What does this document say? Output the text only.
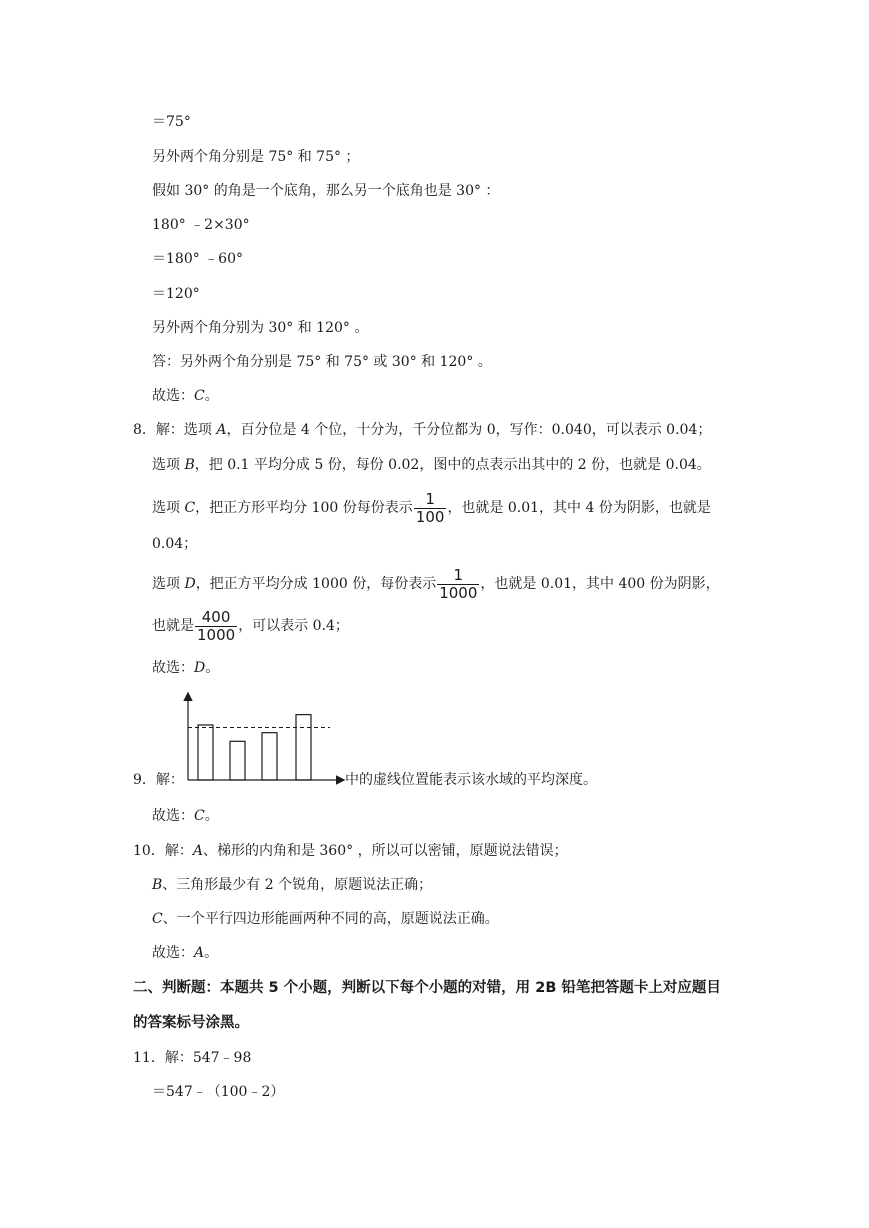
＝75°
另外两个角分别是 75° 和 75° ；
假如 30° 的角是一个底角，那么另一个底角也是 30° ：
180° ﹣2×30°
＝180° ﹣60°
＝120°
另外两个角分别为 30° 和 120° 。
答：另外两个角分别是 75° 和 75° 或 30° 和 120° 。
故选：C。
8．解：选项 A，百分位是 4 个位，十分为，千分位都为 0，写作：0.040，可以表示 0.04；
选项 B，把 0.1 平均分成 5 份，每份 0.02，图中的点表示出其中的 2 份，也就是 0.04。
选项 C，把正方形平均分 100 份每份表示 $\frac{1}{100}$ ，也就是 0.01，其中 4 份为阴影，也就是
0.04；
选项 D，把正方平均分成 1000 份，每份表示 $\frac{1}{1000}$ ，也就是 0.01，其中 400 份为阴影，
也就是 $\frac{400}{1000}$ ，可以表示 0.4；
故选：D。
9．解：	中的虚线位置能表示该水域的平均深度。
故选：C。
10．解：A、梯形的内角和是 360° ，所以可以密铺，原题说法错误；
B、三角形最少有 2 个锐角，原题说法正确；
C、一个平行四边形能画两种不同的高，原题说法正确。
故选：A。
二、判断题：本题共 5 个小题，判断以下每个小题的对错，用 2B 铅笔把答题卡上对应题目
的答案标号涂黑。
11．解：547﹣98
＝547﹣（100﹣2）
